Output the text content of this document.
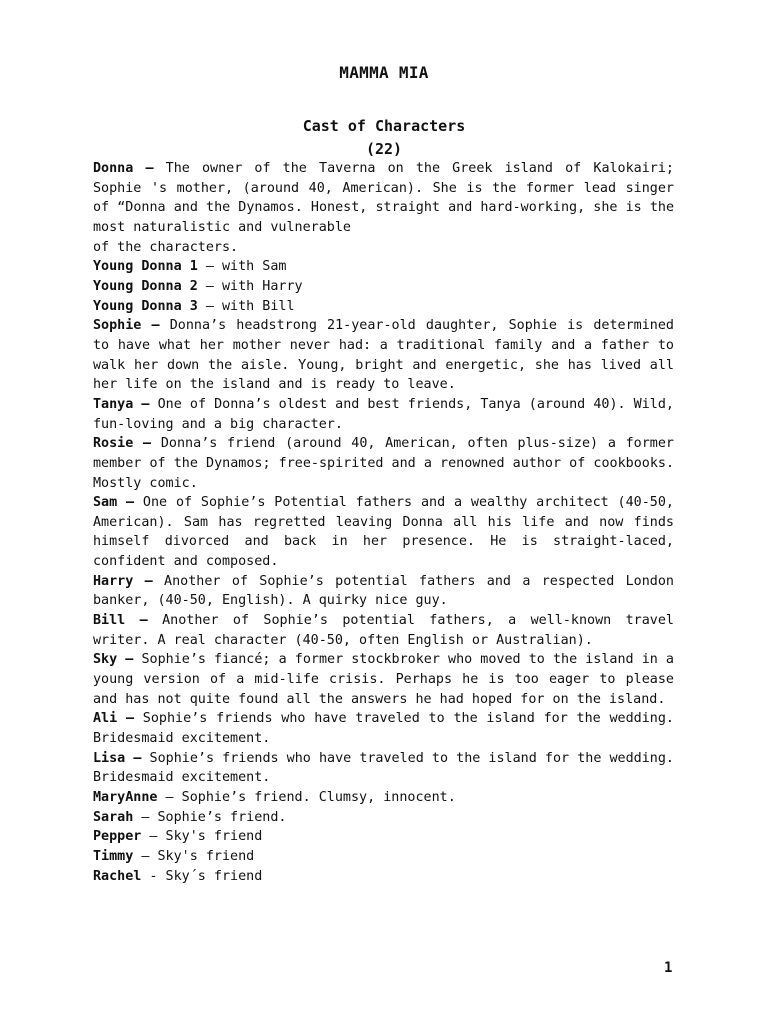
MAMMA MIA
Cast of Characters
(22)

Donna – The owner of the Taverna on the Greek island of Kalokairi; Sophie 's mother, (around 40, American). She is the former lead singer of “Donna and the Dynamos. Honest, straight and hard-working, she is the most naturalistic and vulnerable
of the characters.

Young Donna 1 – with Sam

Young Donna 2 – with Harry

Young Donna 3 – with Bill

Sophie – Donna’s headstrong 21-year-old daughter, Sophie is determined to have what her mother never had: a traditional family and a father to walk her down the aisle. Young, bright and energetic, she has lived all her life on the island and is ready to leave.

Tanya – One of Donna’s oldest and best friends, Tanya (around 40). Wild, fun-loving and a big character.

Rosie – Donna’s friend (around 40, American, often plus-size) a former member of the Dynamos; free-spirited and a renowned author of cookbooks. Mostly comic.

Sam – One of Sophie’s Potential fathers and a wealthy architect (40-50, American). Sam has regretted leaving Donna all his life and now finds himself divorced and back in her presence. He is straight-laced, confident and composed.

Harry – Another of Sophie’s potential fathers and a respected London banker, (40-50, English). A quirky nice guy.

Bill – Another of Sophie’s potential fathers, a well-known travel writer. A real character (40-50, often English or Australian).

Sky – Sophie’s fiancé; a former stockbroker who moved to the island in a young version of a mid-life crisis. Perhaps he is too eager to please and has not quite found all the answers he had hoped for on the island.

Ali – Sophie’s friends who have traveled to the island for the wedding. Bridesmaid excitement.

Lisa – Sophie’s friends who have traveled to the island for the wedding. Bridesmaid excitement.

MaryAnne – Sophie’s friend. Clumsy, innocent.

Sarah – Sophie’s friend.

Pepper – Sky's friend

Timmy – Sky's friend

Rachel - Sky´s friend

1
